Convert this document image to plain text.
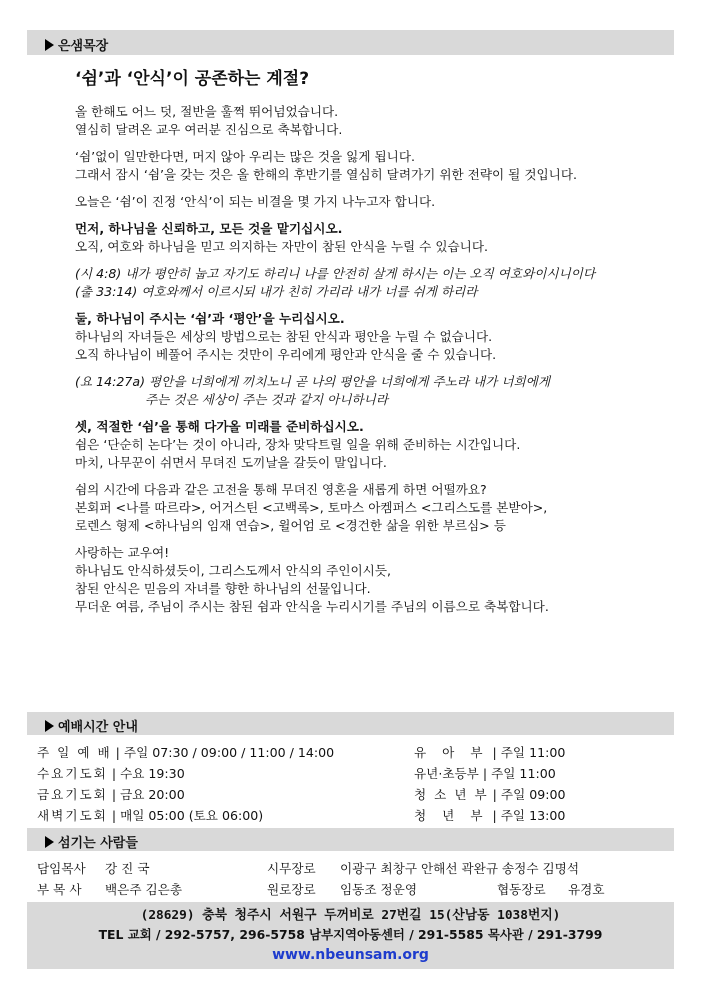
은샘목장
‘쉼’과 ‘안식’이 공존하는 계절?
올 한해도 어느 덧, 절반을 훌쩍 뛰어넘었습니다.
열심히 달려온 교우 여러분 진심으로 축복합니다.
‘쉼’없이 일만한다면, 머지 않아 우리는 많은 것을 잃게 됩니다.
그래서 잠시 ‘쉼’을 갖는 것은 올 한해의 후반기를 열심히 달려가기 위한 전략이 될 것입니다.
오늘은 ‘쉼’이 진정 ‘안식’이 되는 비결을 몇 가지 나누고자 합니다.
먼저, 하나님을 신뢰하고, 모든 것을 맡기십시오.
오직, 여호와 하나님을 믿고 의지하는 자만이 참된 안식을 누릴 수 있습니다.
(시 4:8) 내가 평안히 눕고 자기도 하리니 나를 안전히 살게 하시는 이는 오직 여호와이시니이다
(출 33:14) 여호와께서 이르시되 내가 친히 가리라 내가 너를 쉬게 하리라
둘, 하나님이 주시는 ‘쉼’과 ‘평안’을 누리십시오.
하나님의 자녀들은 세상의 방법으로는 참된 안식과 평안을 누릴 수 없습니다.
오직 하나님이 베풀어 주시는 것만이 우리에게 평안과 안식을 줄 수 있습니다.
(요 14:27a) 평안을 너희에게 끼치노니 곧 나의 평안을 너희에게 주노라 내가 너희에게
주는 것은 세상이 주는 것과 같지 아니하니라
셋, 적절한 ‘쉼’을 통해 다가올 미래를 준비하십시오.
쉼은 ‘단순히 논다’는 것이 아니라, 장차 맞닥트릴 일을 위해 준비하는 시간입니다.
마치, 나무꾼이 쉬면서 무뎌진 도끼날을 갈듯이 말입니다.
쉼의 시간에 다음과 같은 고전을 통해 무뎌진 영혼을 새롭게 하면 어떨까요?
본회퍼 <나를 따르라>, 어거스틴 <고백록>, 토마스 아켐퍼스 <그리스도를 본받아>,
로렌스 형제 <하나님의 임재 연습>, 윌어엄 로 <경건한 삶을 위한 부르심> 등
사랑하는 교우여!
하나님도 안식하셨듯이, 그리스도께서 안식의 주인이시듯,
참된 안식은 믿음의 자녀를 향한 하나님의 선물입니다.
무더운 여름, 주님이 주시는 참된 쉼과 안식을 누리시기를 주님의 이름으로 축복합니다.
예배시간 안내
주 일 예 배 | 주일 07:30 / 09:00 / 11:00 / 14:00	유 아 부 | 주일 11:00
수요기도회 | 수요 19:30	유년·초등부 | 주일 11:00
금요기도회 | 금요 20:00	청 소 년 부 | 주일 09:00
새벽기도회 | 매일 05:00 (토요 06:00)	청 년 부 | 주일 13:00
섬기는 사람들
담임목사 강 진 국	시무장로 이광구 최창구 안해선 곽완규 송정수 김명석
부 목 사 백은주 김은총	원로장로 임동조 정운영	협동장로 유경호
(28629) 충북 청주시 서원구 두꺼비로 27번길 15(산남동 1038번지)
TEL 교회 / 292-5757, 296-5758 남부지역아동센터 / 291-5585 목사관 / 291-3799
www.nbeunsam.org
